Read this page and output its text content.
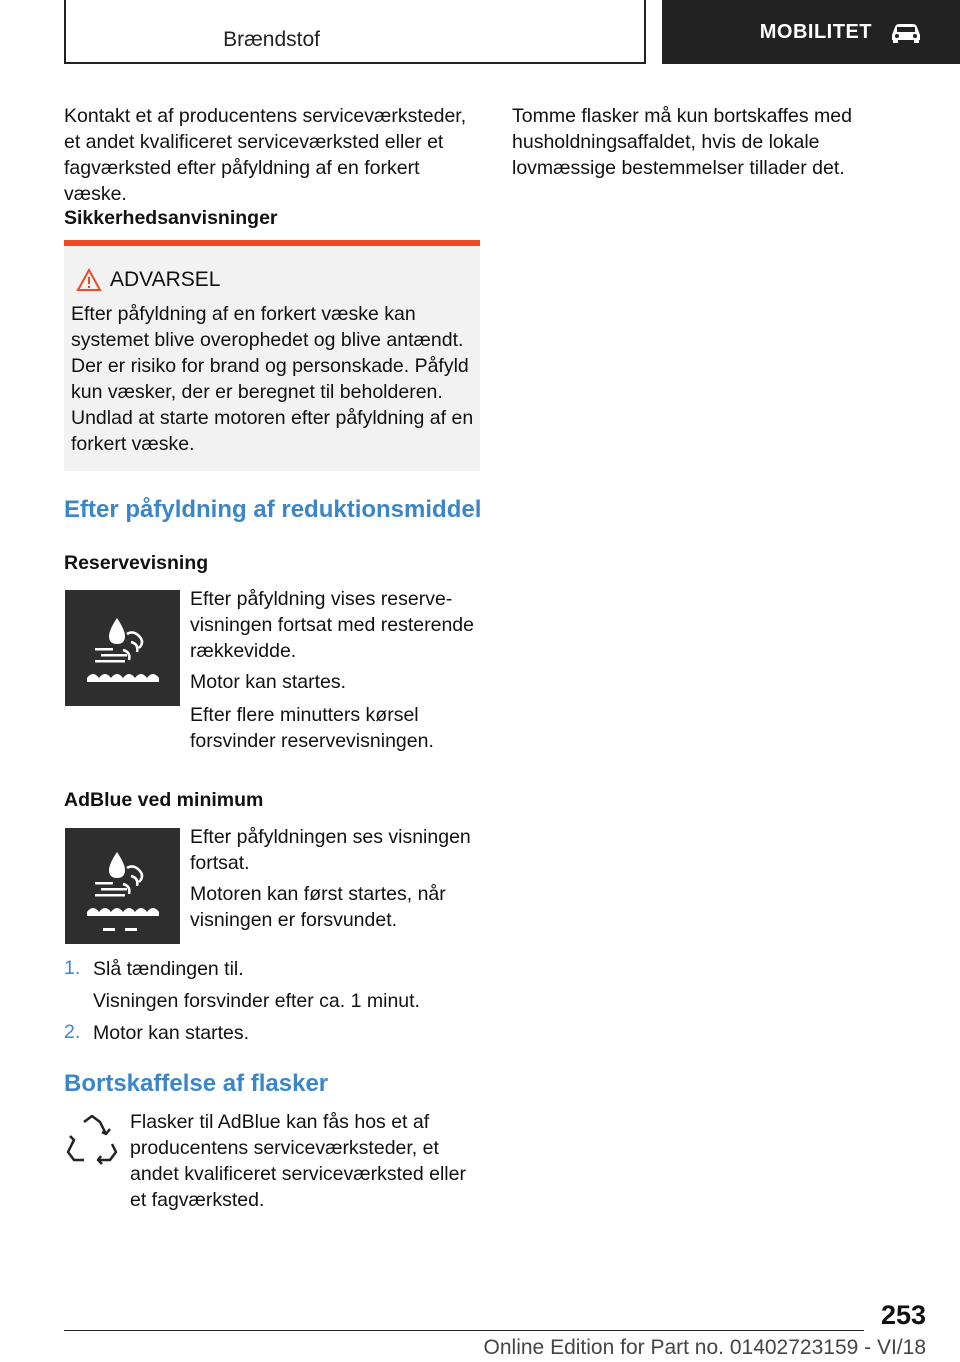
Brændstof	MOBILITET

Kontakt et af producentens serviceværksteder, et andet kvalificeret serviceværksted eller et fagværksted efter påfyldning af en forkert væske.

Sikkerhedsanvisninger

ADVARSEL

Efter påfyldning af en forkert væske kan systemet blive overophedet og blive antændt. Der er risiko for brand og personskade. Påfyld kun væsker, der er beregnet til beholderen. Undlad at starte motoren efter påfyldning af en forkert væske.

Efter påfyldning af reduktionsmiddel

Reservevisning

Efter påfyldning vises reserve-visningen fortsat med resterende rækkevidde.

Motor kan startes.

Efter flere minutters kørsel forsvinder reservevisningen.

AdBlue ved minimum

Efter påfyldningen ses visningen fortsat.

Motoren kan først startes, når visningen er forsvundet.

1. Slå tændingen til.

Visningen forsvinder efter ca. 1 minut.

2. Motor kan startes.

Bortskaffelse af flasker

Flasker til AdBlue kan fås hos et af producentens serviceværksteder, et andet kvalificeret serviceværksted eller et fagværksted.

Tomme flasker må kun bortskaffes med husholdningsaffaldet, hvis de lokale lovmæssige bestemmelser tillader det.

253
Online Edition for Part no. 01402723159 - VI/18
